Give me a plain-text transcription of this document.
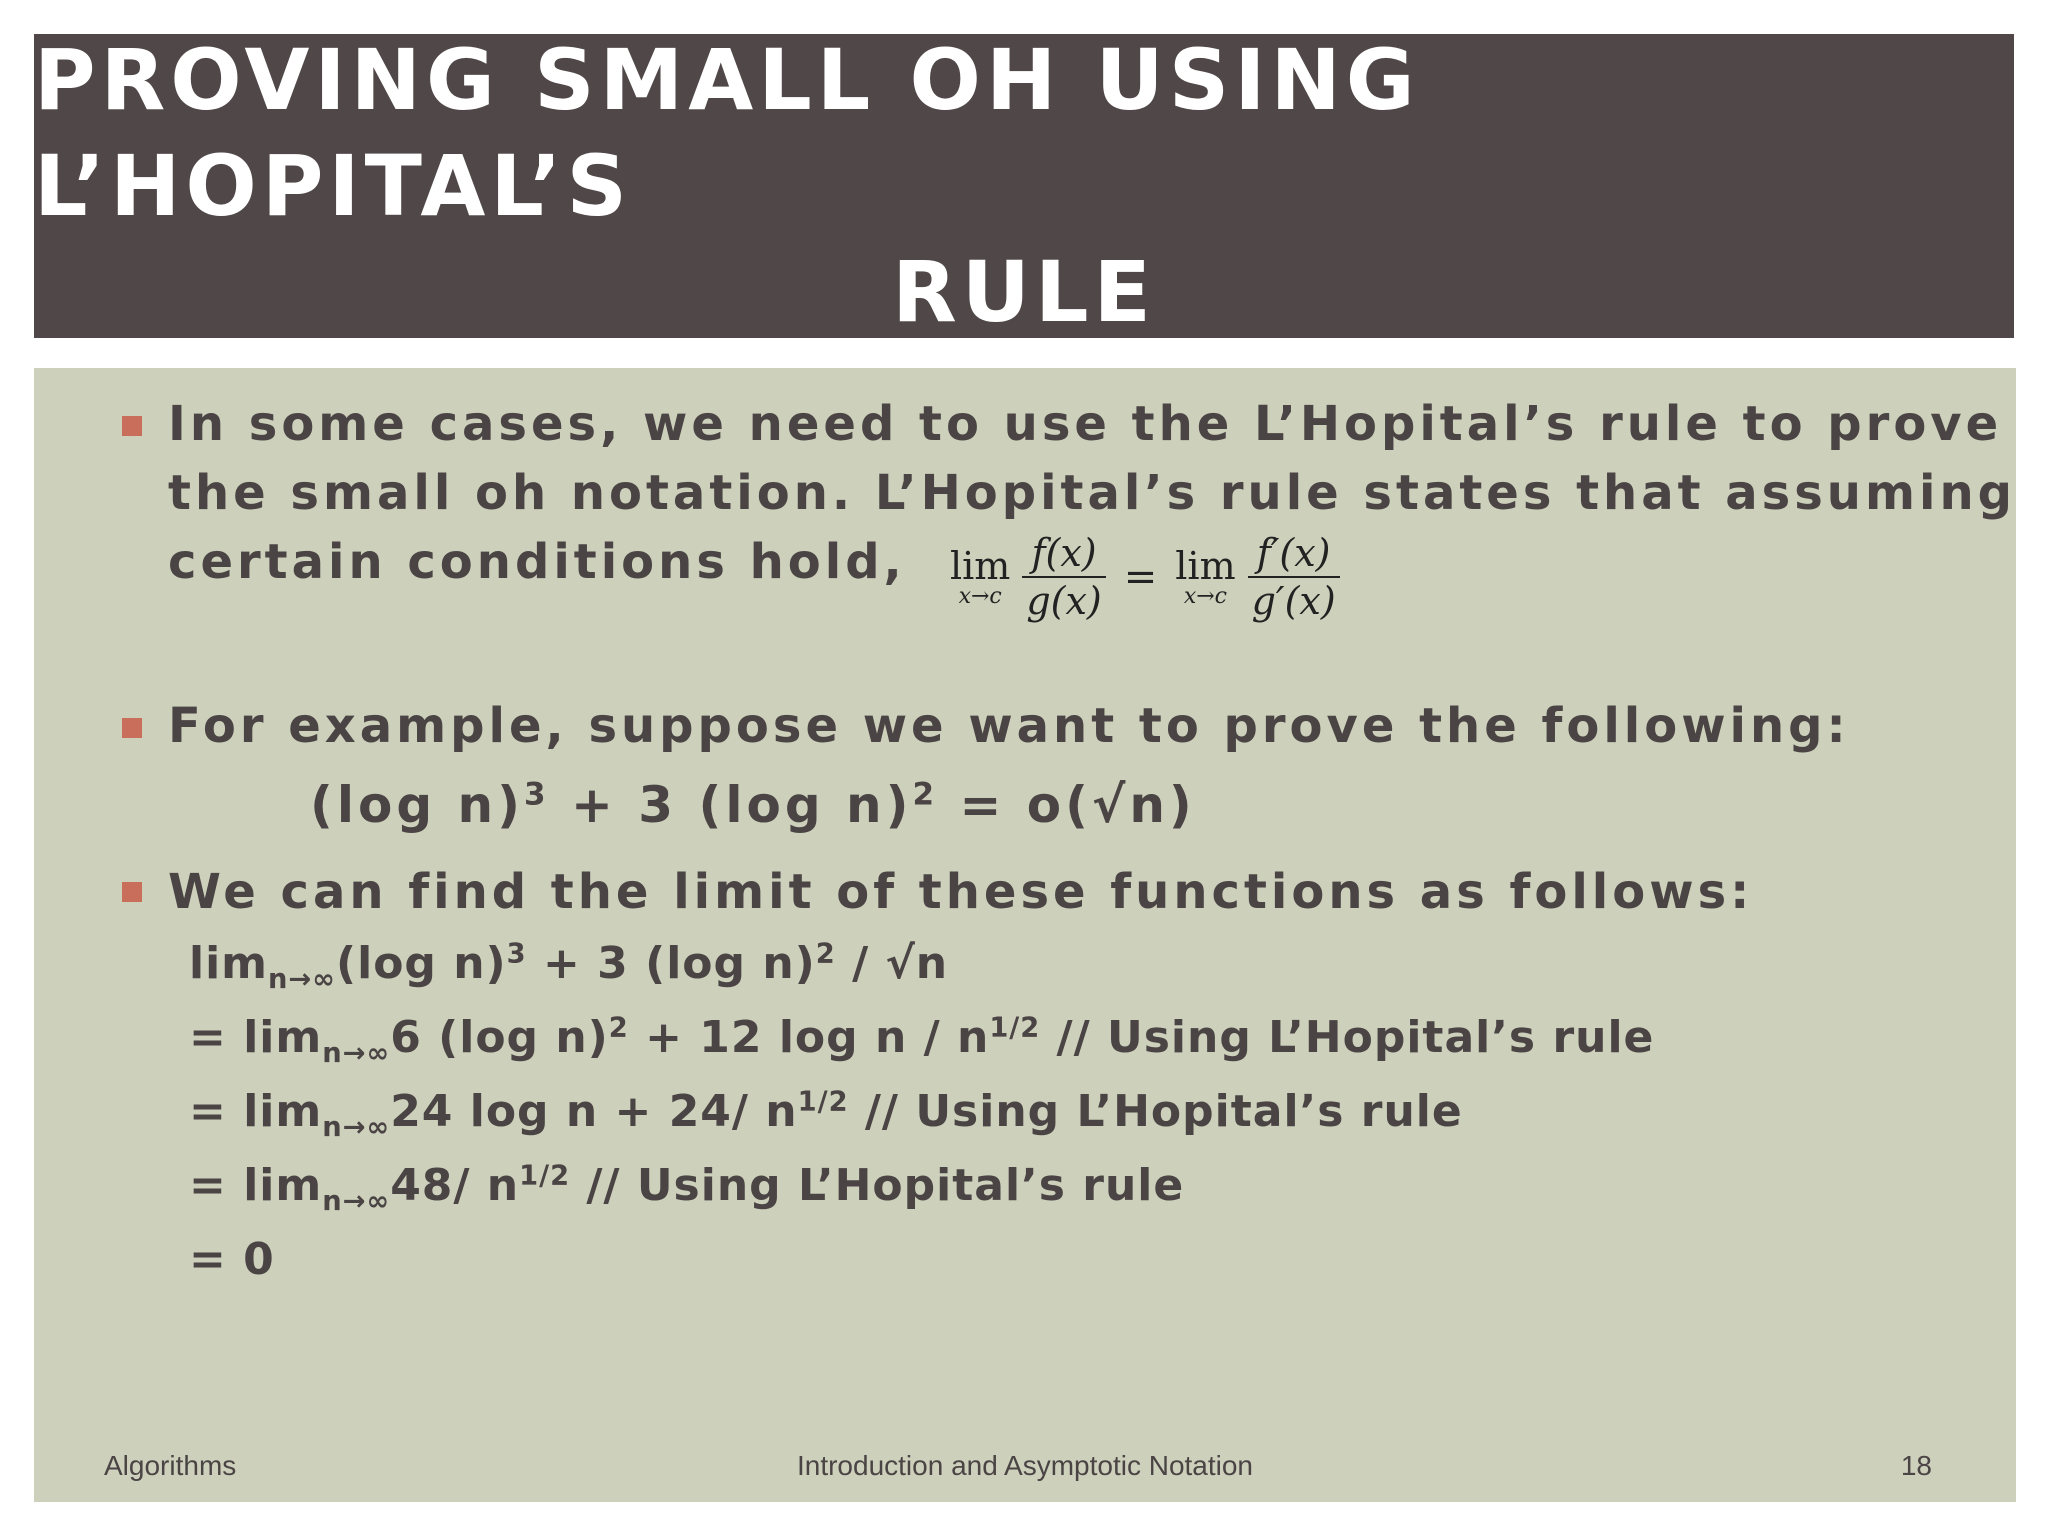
PROVING SMALL OH USING L’HOPITAL’S
RULE
In some cases, we need to use the L’Hopital’s rule to prove
the small oh notation. L’Hopital’s rule states that assuming
certain conditions hold,	lim
$x\to c \frac{f(x)}{g(x)} = \lim$
$x\to c \frac{f'(x)}{g'(x)}$
For example, suppose we want to prove the following:
(log n)$^3$ + 3 (log n)$^2$ = o(√n)
We can find the limit of these functions as follows:
$\lim_{n\to\infty}(\log$ n)$^3$ + 3 (log n)$^2$ / √n
= $\lim_{n\to\infty}6$ (log n)$^2$ + 12 log n / $n^{1/2}$ // Using L’Hopital’s rule
= $\lim_{n\to\infty}24$ log n + 24/ $n^{1/2}$ // Using L’Hopital’s rule
= $\lim_{n\to\infty}48/$ $n^{1/2}$ // Using L’Hopital’s rule
= 0
Algorithms	Introduction and Asymptotic Notation	18
